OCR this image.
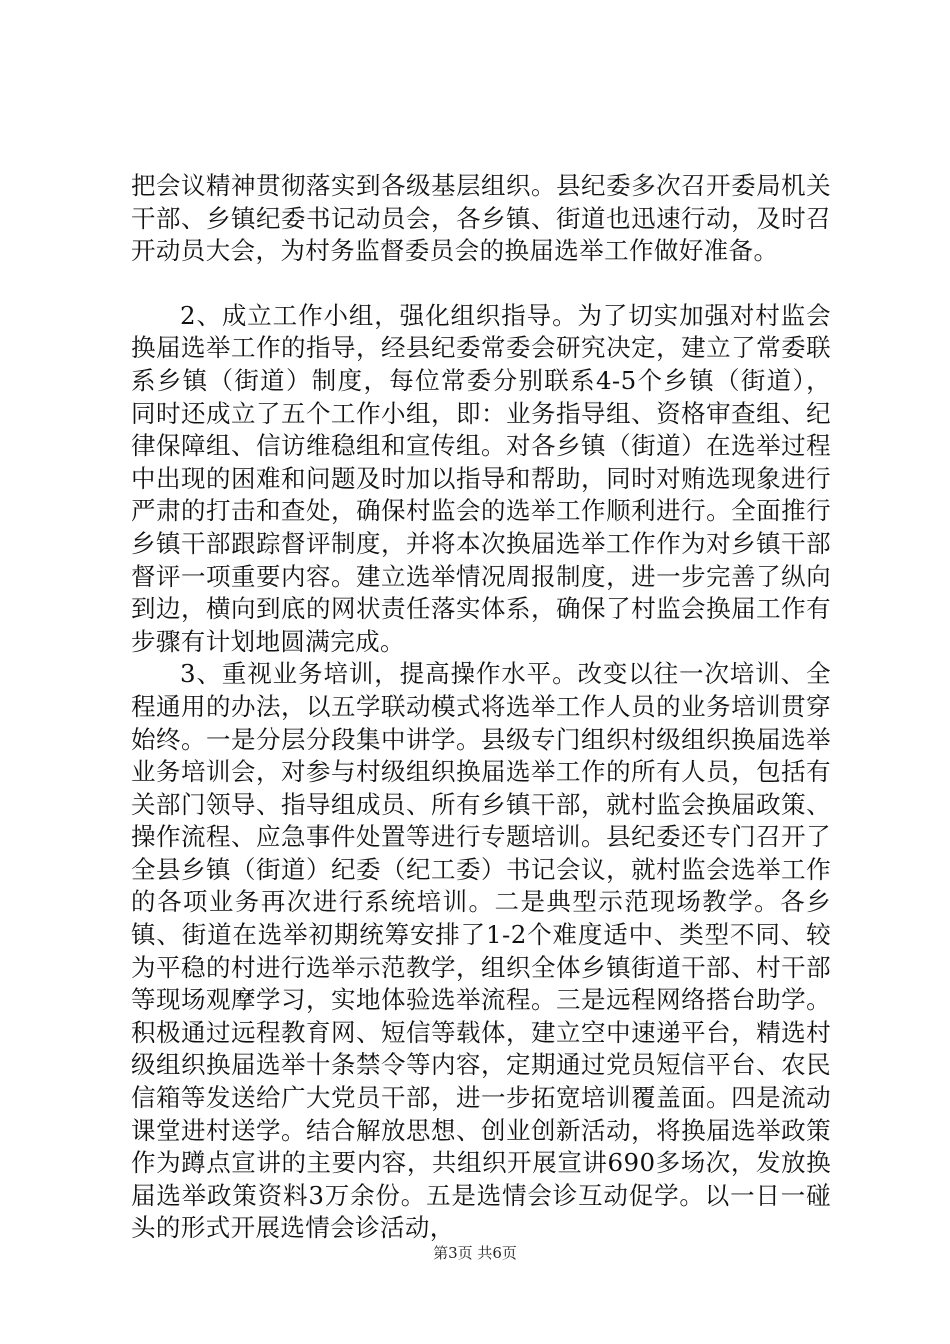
把会议精神贯彻落实到各级基层组织。县纪委多次召开委局机关干部、乡镇纪委书记动员会，各乡镇、街道也迅速行动，及时召开动员大会，为村务监督委员会的换届选举工作做好准备。

2、成立工作小组，强化组织指导。为了切实加强对村监会换届选举工作的指导，经县纪委常委会研究决定，建立了常委联系乡镇（街道）制度，每位常委分别联系4-5个乡镇（街道），同时还成立了五个工作小组，即：业务指导组、资格审查组、纪律保障组、信访维稳组和宣传组。对各乡镇（街道）在选举过程中出现的困难和问题及时加以指导和帮助，同时对贿选现象进行严肃的打击和查处，确保村监会的选举工作顺利进行。全面推行乡镇干部跟踪督评制度，并将本次换届选举工作作为对乡镇干部督评一项重要内容。建立选举情况周报制度，进一步完善了纵向到边，横向到底的网状责任落实体系，确保了村监会换届工作有步骤有计划地圆满完成。

3、重视业务培训，提高操作水平。改变以往一次培训、全程通用的办法，以五学联动模式将选举工作人员的业务培训贯穿始终。一是分层分段集中讲学。县级专门组织村级组织换届选举业务培训会，对参与村级组织换届选举工作的所有人员，包括有关部门领导、指导组成员、所有乡镇干部，就村监会换届政策、操作流程、应急事件处置等进行专题培训。县纪委还专门召开了全县乡镇（街道）纪委（纪工委）书记会议，就村监会选举工作的各项业务再次进行系统培训。二是典型示范现场教学。各乡镇、街道在选举初期统筹安排了1-2个难度适中、类型不同、较为平稳的村进行选举示范教学，组织全体乡镇街道干部、村干部等现场观摩学习，实地体验选举流程。三是远程网络搭台助学。积极通过远程教育网、短信等载体，建立空中速递平台，精选村级组织换届选举十条禁令等内容，定期通过党员短信平台、农民信箱等发送给广大党员干部，进一步拓宽培训覆盖面。四是流动课堂进村送学。结合解放思想、创业创新活动，将换届选举政策作为蹲点宣讲的主要内容，共组织开展宣讲690多场次，发放换届选举政策资料3万余份。五是选情会诊互动促学。以一日一碰头的形式开展选情会诊活动，

第3页 共6页
